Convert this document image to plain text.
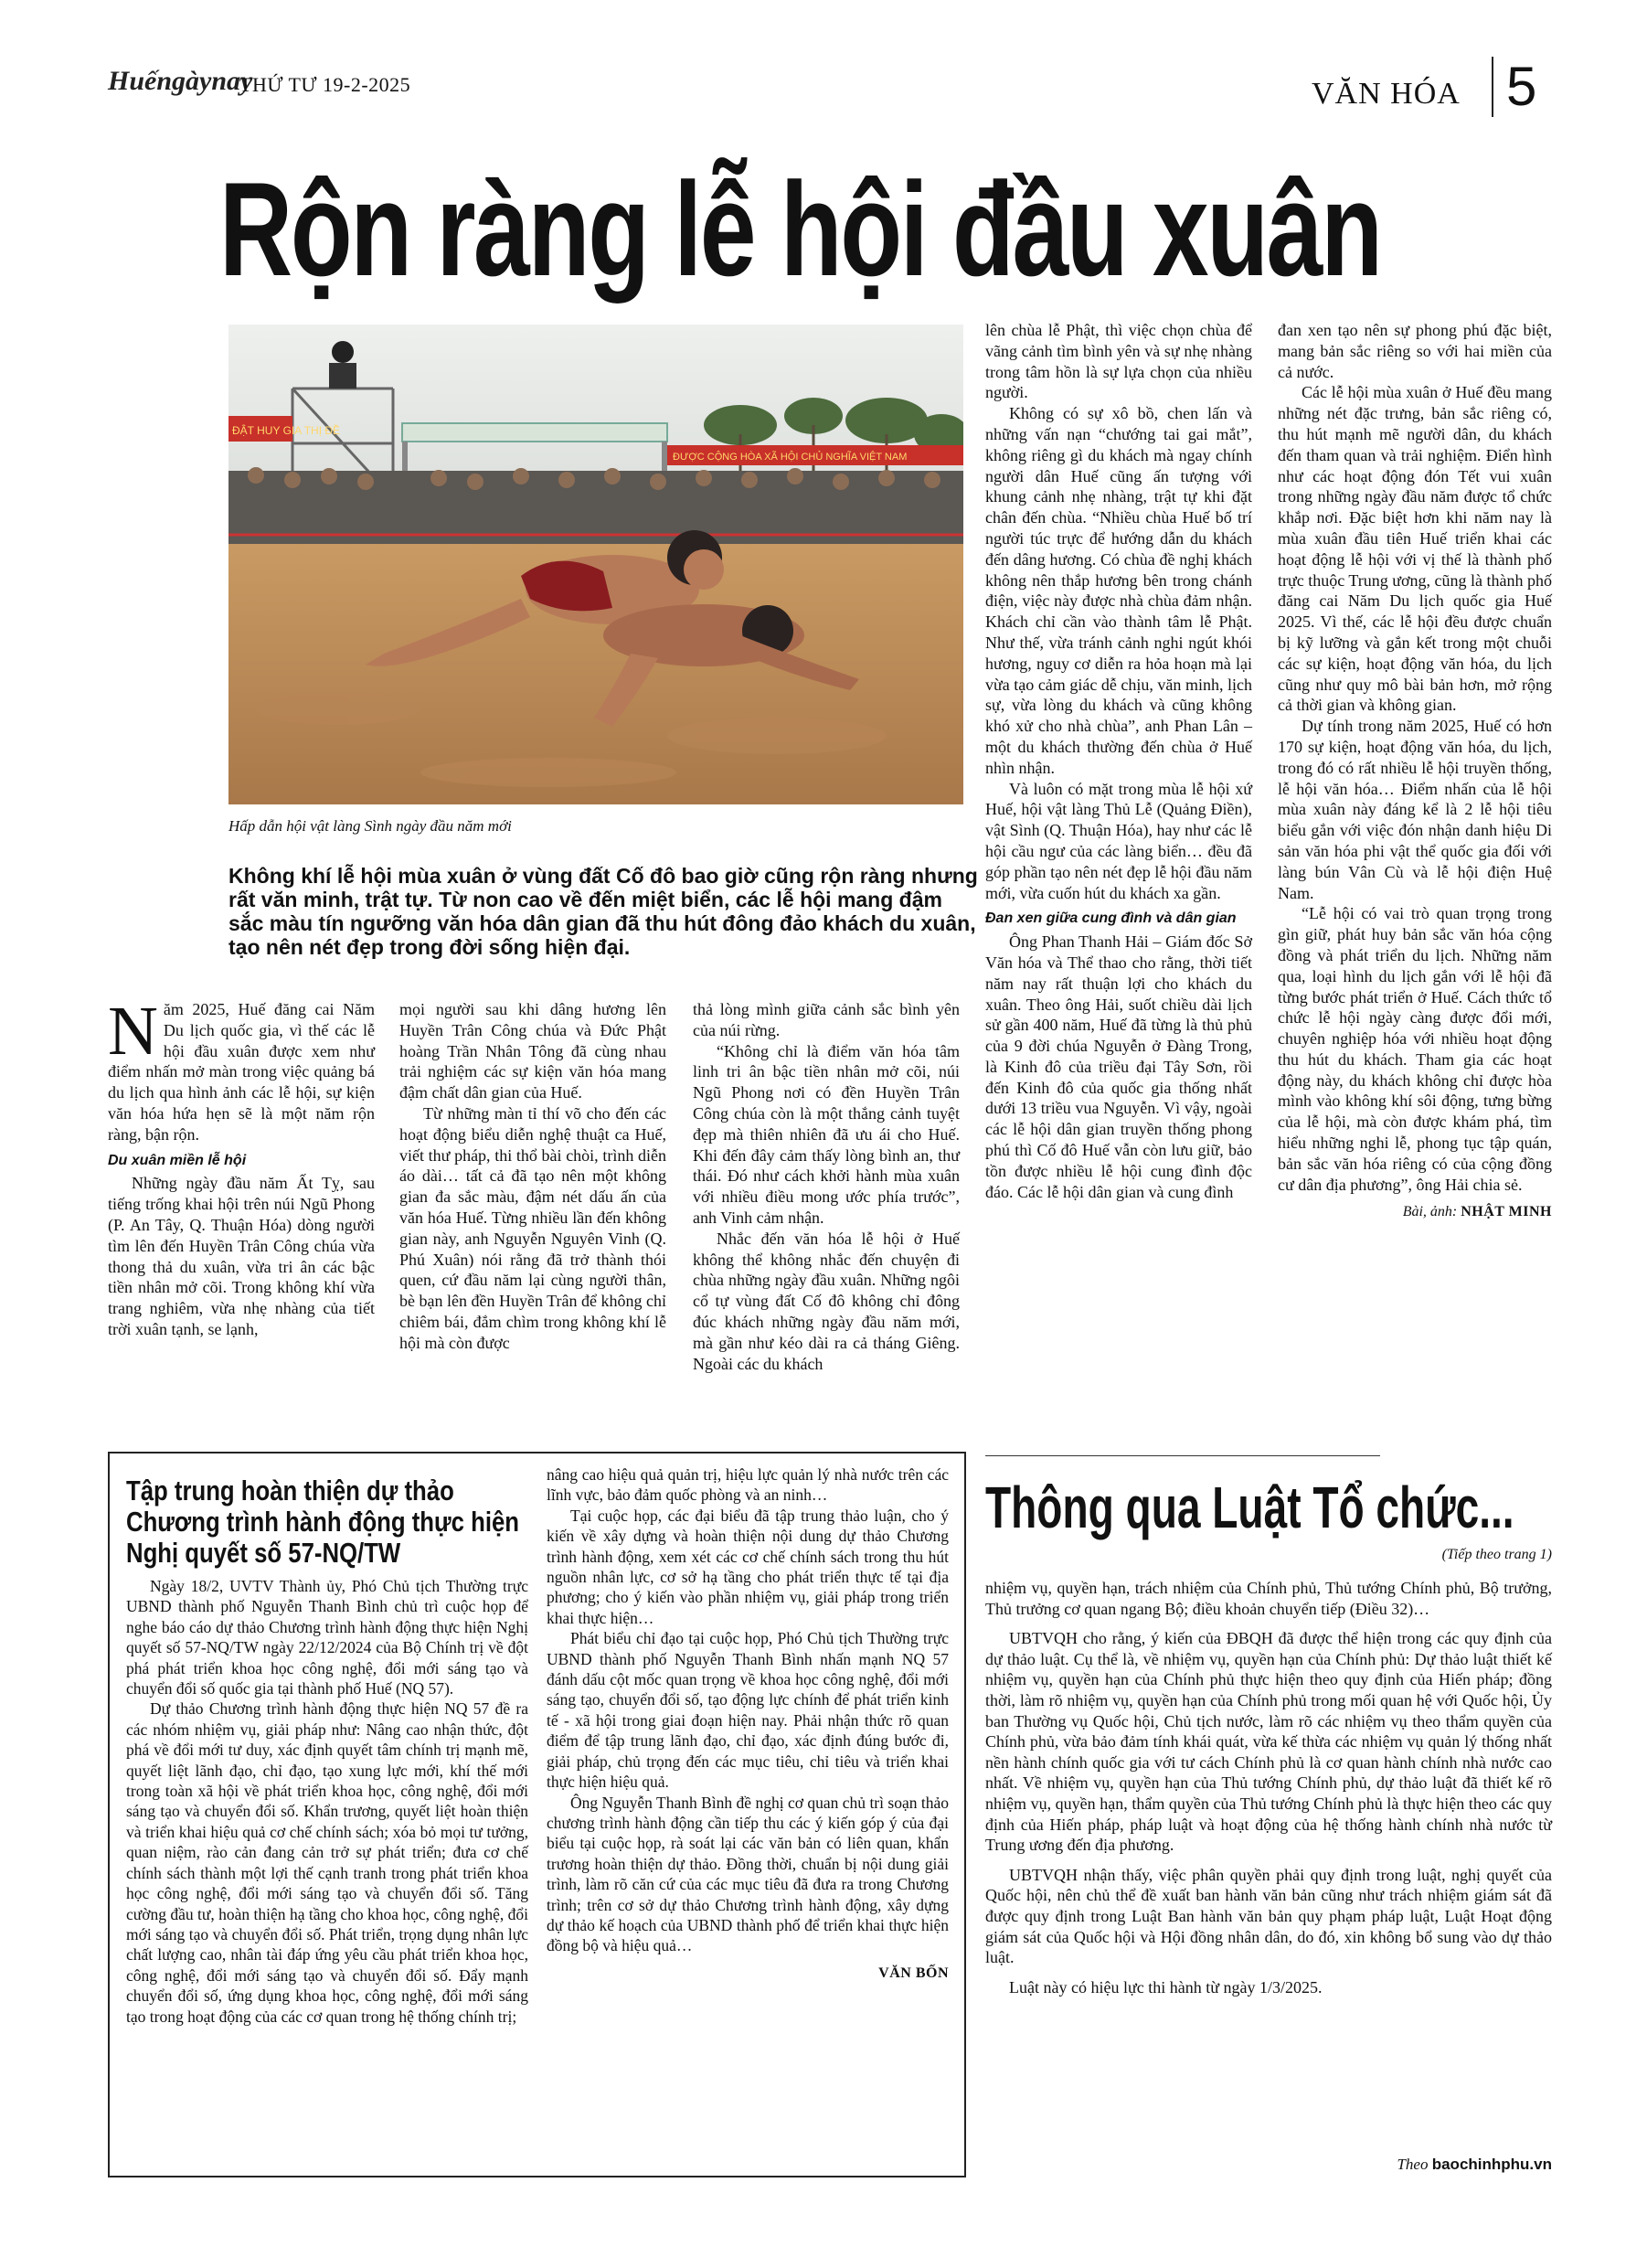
Huếngàynay
THỨ TƯ 19-2-2025	VĂN HÓA 5
Rộn ràng lễ hội đầu xuân
ĐẬT HUY GIA THỊ ĐỀ
ĐƯỢC CỘNG HÒA XÃ HỘI CHỦ NGHĨA VIỆT NAM
Hấp dẫn hội vật làng Sình ngày đầu năm mới
Không khí lễ hội mùa xuân ở vùng đất Cố đô bao giờ cũng rộn ràng nhưng rất văn minh, trật tự. Từ non cao về đến miệt biển, các lễ hội mang đậm sắc màu tín ngưỡng văn hóa dân gian đã thu hút đông đảo khách du xuân, tạo nên nét đẹp trong đời sống hiện đại.
N ăm 2025, Huế đăng cai Năm Du lịch quốc gia, vì thế các lễ hội đầu xuân được xem như điểm nhấn mở màn trong việc quảng bá du lịch qua hình ảnh các lễ hội, sự kiện văn hóa hứa hẹn sẽ là một năm rộn ràng, bận rộn.

Du xuân miền lễ hội

Những ngày đầu năm Ất Tỵ, sau tiếng trống khai hội trên núi Ngũ Phong (P. An Tây, Q. Thuận Hóa) dòng người tìm lên đến Huyền Trân Công chúa vừa thong thả du xuân, vừa tri ân các bậc tiền nhân mở cõi. Trong không khí vừa trang nghiêm, vừa nhẹ nhàng của tiết trời xuân tạnh, se lạnh,

mọi người sau khi dâng hương lên Huyền Trân Công chúa và Đức Phật hoàng Trần Nhân Tông đã cùng nhau trải nghiệm các sự kiện văn hóa mang đậm chất dân gian của Huế.

Từ những màn tỉ thí võ cho đến các hoạt động biểu diễn nghệ thuật ca Huế, viết thư pháp, thi thổ bài chòi, trình diễn áo dài… tất cả đã tạo nên một không gian đa sắc màu, đậm nét dấu ấn của văn hóa Huế. Từng nhiều lần đến không gian này, anh Nguyễn Nguyên Vinh (Q. Phú Xuân) nói rằng đã trở thành thói quen, cứ đầu năm lại cùng người thân, bè bạn lên đền Huyền Trân để không chỉ chiêm bái, đắm chìm trong không khí lễ hội mà còn được

thả lòng mình giữa cảnh sắc bình yên của núi rừng.

“Không chỉ là điểm văn hóa tâm linh tri ân bậc tiền nhân mở cõi, núi Ngũ Phong nơi có đền Huyền Trân Công chúa còn là một thắng cảnh tuyệt đẹp mà thiên nhiên đã ưu ái cho Huế. Khi đến đây cảm thấy lòng bình an, thư thái. Đó như cách khởi hành mùa xuân với nhiều điều mong ước phía trước”, anh Vinh cảm nhận.

Nhắc đến văn hóa lễ hội ở Huế không thể không nhắc đến chuyện đi chùa những ngày đầu xuân. Những ngôi cổ tự vùng đất Cố đô không chỉ đông đúc khách những ngày đầu năm mới, mà gần như kéo dài ra cả tháng Giêng. Ngoài các du khách

lên chùa lễ Phật, thì việc chọn chùa để vãng cảnh tìm bình yên và sự nhẹ nhàng trong tâm hồn là sự lựa chọn của nhiều người.

Không có sự xô bồ, chen lấn và những vấn nạn “chướng tai gai mắt”, không riêng gì du khách mà ngay chính người dân Huế cũng ấn tượng với khung cảnh nhẹ nhàng, trật tự khi đặt chân đến chùa. “Nhiều chùa Huế bố trí người túc trực để hướng dẫn du khách đến dâng hương. Có chùa đề nghị khách không nên thắp hương bên trong chánh điện, việc này được nhà chùa đảm nhận. Khách chỉ cần vào thành tâm lễ Phật. Như thế, vừa tránh cảnh nghi ngút khói hương, nguy cơ diễn ra hỏa hoạn mà lại vừa tạo cảm giác dễ chịu, văn minh, lịch sự, vừa lòng du khách và cũng không khó xử cho nhà chùa”, anh Phan Lân – một du khách thường đến chùa ở Huế nhìn nhận.

Và luôn có mặt trong mùa lễ hội xứ Huế, hội vật làng Thủ Lễ (Quảng Điền), vật Sình (Q. Thuận Hóa), hay như các lễ hội cầu ngư của các làng biển… đều đã góp phần tạo nên nét đẹp lễ hội đầu năm mới, vừa cuốn hút du khách xa gần.

Đan xen giữa cung đình và dân gian

Ông Phan Thanh Hải – Giám đốc Sở Văn hóa và Thể thao cho rằng, thời tiết năm nay rất thuận lợi cho khách du xuân. Theo ông Hải, suốt chiều dài lịch sử gần 400 năm, Huế đã từng là thủ phủ của 9 đời chúa Nguyễn ở Đàng Trong, là Kinh đô của triều đại Tây Sơn, rồi đến Kinh đô của quốc gia thống nhất dưới 13 triều vua Nguyễn. Vì vậy, ngoài các lễ hội dân gian truyền thống phong phú thì Cố đô Huế vẫn còn lưu giữ, bảo tồn được nhiều lễ hội cung đình độc đáo. Các lễ hội dân gian và cung đình

đan xen tạo nên sự phong phú đặc biệt, mang bản sắc riêng so với hai miền của cả nước.

Các lễ hội mùa xuân ở Huế đều mang những nét đặc trưng, bản sắc riêng có, thu hút mạnh mẽ người dân, du khách đến tham quan và trải nghiệm. Điển hình như các hoạt động đón Tết vui xuân trong những ngày đầu năm được tổ chức khắp nơi. Đặc biệt hơn khi năm nay là mùa xuân đầu tiên Huế triển khai các hoạt động lễ hội với vị thế là thành phố trực thuộc Trung ương, cũng là thành phố đăng cai Năm Du lịch quốc gia Huế 2025. Vì thế, các lễ hội đều được chuẩn bị kỹ lưỡng và gắn kết trong một chuỗi các sự kiện, hoạt động văn hóa, du lịch cũng như quy mô bài bản hơn, mở rộng cả thời gian và không gian.

Dự tính trong năm 2025, Huế có hơn 170 sự kiện, hoạt động văn hóa, du lịch, trong đó có rất nhiều lễ hội truyền thống, lễ hội văn hóa… Điểm nhấn của lễ hội mùa xuân này đáng kể là 2 lễ hội tiêu biểu gắn với việc đón nhận danh hiệu Di sản văn hóa phi vật thể quốc gia đối với làng bún Vân Cù và lễ hội điện Huệ Nam.

“Lễ hội có vai trò quan trọng trong gìn giữ, phát huy bản sắc văn hóa cộng đồng và phát triển du lịch. Những năm qua, loại hình du lịch gắn với lễ hội đã từng bước phát triển ở Huế. Cách thức tổ chức lễ hội ngày càng được đổi mới, chuyên nghiệp hóa với nhiều hoạt động thu hút du khách. Tham gia các hoạt động này, du khách không chỉ được hòa mình vào không khí sôi động, tưng bừng của lễ hội, mà còn được khám phá, tìm hiểu những nghi lễ, phong tục tập quán, bản sắc văn hóa riêng có của cộng đồng cư dân địa phương”, ông Hải chia sẻ.

Bài, ảnh: NHẬT MINH
Tập trung hoàn thiện dự thảo Chương trình hành động thực hiện Nghị quyết số 57-NQ/TW

Ngày 18/2, UVTV Thành ủy, Phó Chủ tịch Thường trực UBND thành phố Nguyễn Thanh Bình chủ trì cuộc họp để nghe báo cáo dự thảo Chương trình hành động thực hiện Nghị quyết số 57-NQ/TW ngày 22/12/2024 của Bộ Chính trị về đột phá phát triển khoa học công nghệ, đổi mới sáng tạo và chuyển đổi số quốc gia tại thành phố Huế (NQ 57).

Dự thảo Chương trình hành động thực hiện NQ 57 đề ra các nhóm nhiệm vụ, giải pháp như: Nâng cao nhận thức, đột phá về đổi mới tư duy, xác định quyết tâm chính trị mạnh mẽ, quyết liệt lãnh đạo, chỉ đạo, tạo xung lực mới, khí thế mới trong toàn xã hội về phát triển khoa học, công nghệ, đổi mới sáng tạo và chuyển đổi số. Khẩn trương, quyết liệt hoàn thiện và triển khai hiệu quả cơ chế chính sách; xóa bỏ mọi tư tưởng, quan niệm, rào cản đang cản trở sự phát triển; đưa cơ chế chính sách thành một lợi thế cạnh tranh trong phát triển khoa học công nghệ, đổi mới sáng tạo và chuyển đổi số. Tăng cường đầu tư, hoàn thiện hạ tầng cho khoa học, công nghệ, đổi mới sáng tạo và chuyển đổi số. Phát triển, trọng dụng nhân lực chất lượng cao, nhân tài đáp ứng yêu cầu phát triển khoa học, công nghệ, đổi mới sáng tạo và chuyển đổi số. Đẩy mạnh chuyển đổi số, ứng dụng khoa học, công nghệ, đổi mới sáng tạo trong hoạt động của các cơ quan trong hệ thống chính trị;

nâng cao hiệu quả quản trị, hiệu lực quản lý nhà nước trên các lĩnh vực, bảo đảm quốc phòng và an ninh…

Tại cuộc họp, các đại biểu đã tập trung thảo luận, cho ý kiến về xây dựng và hoàn thiện nội dung dự thảo Chương trình hành động, xem xét các cơ chế chính sách trong thu hút nguồn nhân lực, cơ sở hạ tầng cho phát triển thực tế tại địa phương; cho ý kiến vào phần nhiệm vụ, giải pháp trong triển khai thực hiện…

Phát biểu chỉ đạo tại cuộc họp, Phó Chủ tịch Thường trực UBND thành phố Nguyễn Thanh Bình nhấn mạnh NQ 57 đánh dấu cột mốc quan trọng về khoa học công nghệ, đổi mới sáng tạo, chuyển đổi số, tạo động lực chính để phát triển kinh tế - xã hội trong giai đoạn hiện nay. Phải nhận thức rõ quan điểm để tập trung lãnh đạo, chỉ đạo, xác định đúng bước đi, giải pháp, chủ trọng đến các mục tiêu, chỉ tiêu và triển khai thực hiện hiệu quả.

Ông Nguyễn Thanh Bình đề nghị cơ quan chủ trì soạn thảo chương trình hành động cần tiếp thu các ý kiến góp ý của đại biểu tại cuộc họp, rà soát lại các văn bản có liên quan, khẩn trương hoàn thiện dự thảo. Đồng thời, chuẩn bị nội dung giải trình, làm rõ căn cứ của các mục tiêu đã đưa ra trong Chương trình; trên cơ sở dự thảo Chương trình hành động, xây dựng dự thảo kế hoạch của UBND thành phố để triển khai thực hiện đồng bộ và hiệu quả…

VĂN BỐN
Thông qua Luật Tổ chức...
(Tiếp theo trang 1)

nhiệm vụ, quyền hạn, trách nhiệm của Chính phủ, Thủ tướng Chính phủ, Bộ trưởng, Thủ trưởng cơ quan ngang Bộ; điều khoản chuyển tiếp (Điều 32)…

UBTVQH cho rằng, ý kiến của ĐBQH đã được thể hiện trong các quy định của dự thảo luật. Cụ thể là, về nhiệm vụ, quyền hạn của Chính phủ: Dự thảo luật thiết kế nhiệm vụ, quyền hạn của Chính phủ thực hiện theo quy định của Hiến pháp; đồng thời, làm rõ nhiệm vụ, quyền hạn của Chính phủ trong mối quan hệ với Quốc hội, Ủy ban Thường vụ Quốc hội, Chủ tịch nước, làm rõ các nhiệm vụ theo thẩm quyền của Chính phủ, vừa bảo đảm tính khái quát, vừa kế thừa các nhiệm vụ quản lý thống nhất nền hành chính quốc gia với tư cách Chính phủ là cơ quan hành chính nhà nước cao nhất. Về nhiệm vụ, quyền hạn của Thủ tướng Chính phủ, dự thảo luật đã thiết kế rõ nhiệm vụ, quyền hạn, thẩm quyền của Thủ tướng Chính phủ là thực hiện theo các quy định của Hiến pháp, pháp luật và hoạt động của hệ thống hành chính nhà nước từ Trung ương đến địa phương.

UBTVQH nhận thấy, việc phân quyền phải quy định trong luật, nghị quyết của Quốc hội, nên chủ thể đề xuất ban hành văn bản cũng như trách nhiệm giám sát đã được quy định trong Luật Ban hành văn bản quy phạm pháp luật, Luật Hoạt động giám sát của Quốc hội và Hội đồng nhân dân, do đó, xin không bổ sung vào dự thảo luật.

Luật này có hiệu lực thi hành từ ngày 1/3/2025.

Theo baochinhphu.vn
